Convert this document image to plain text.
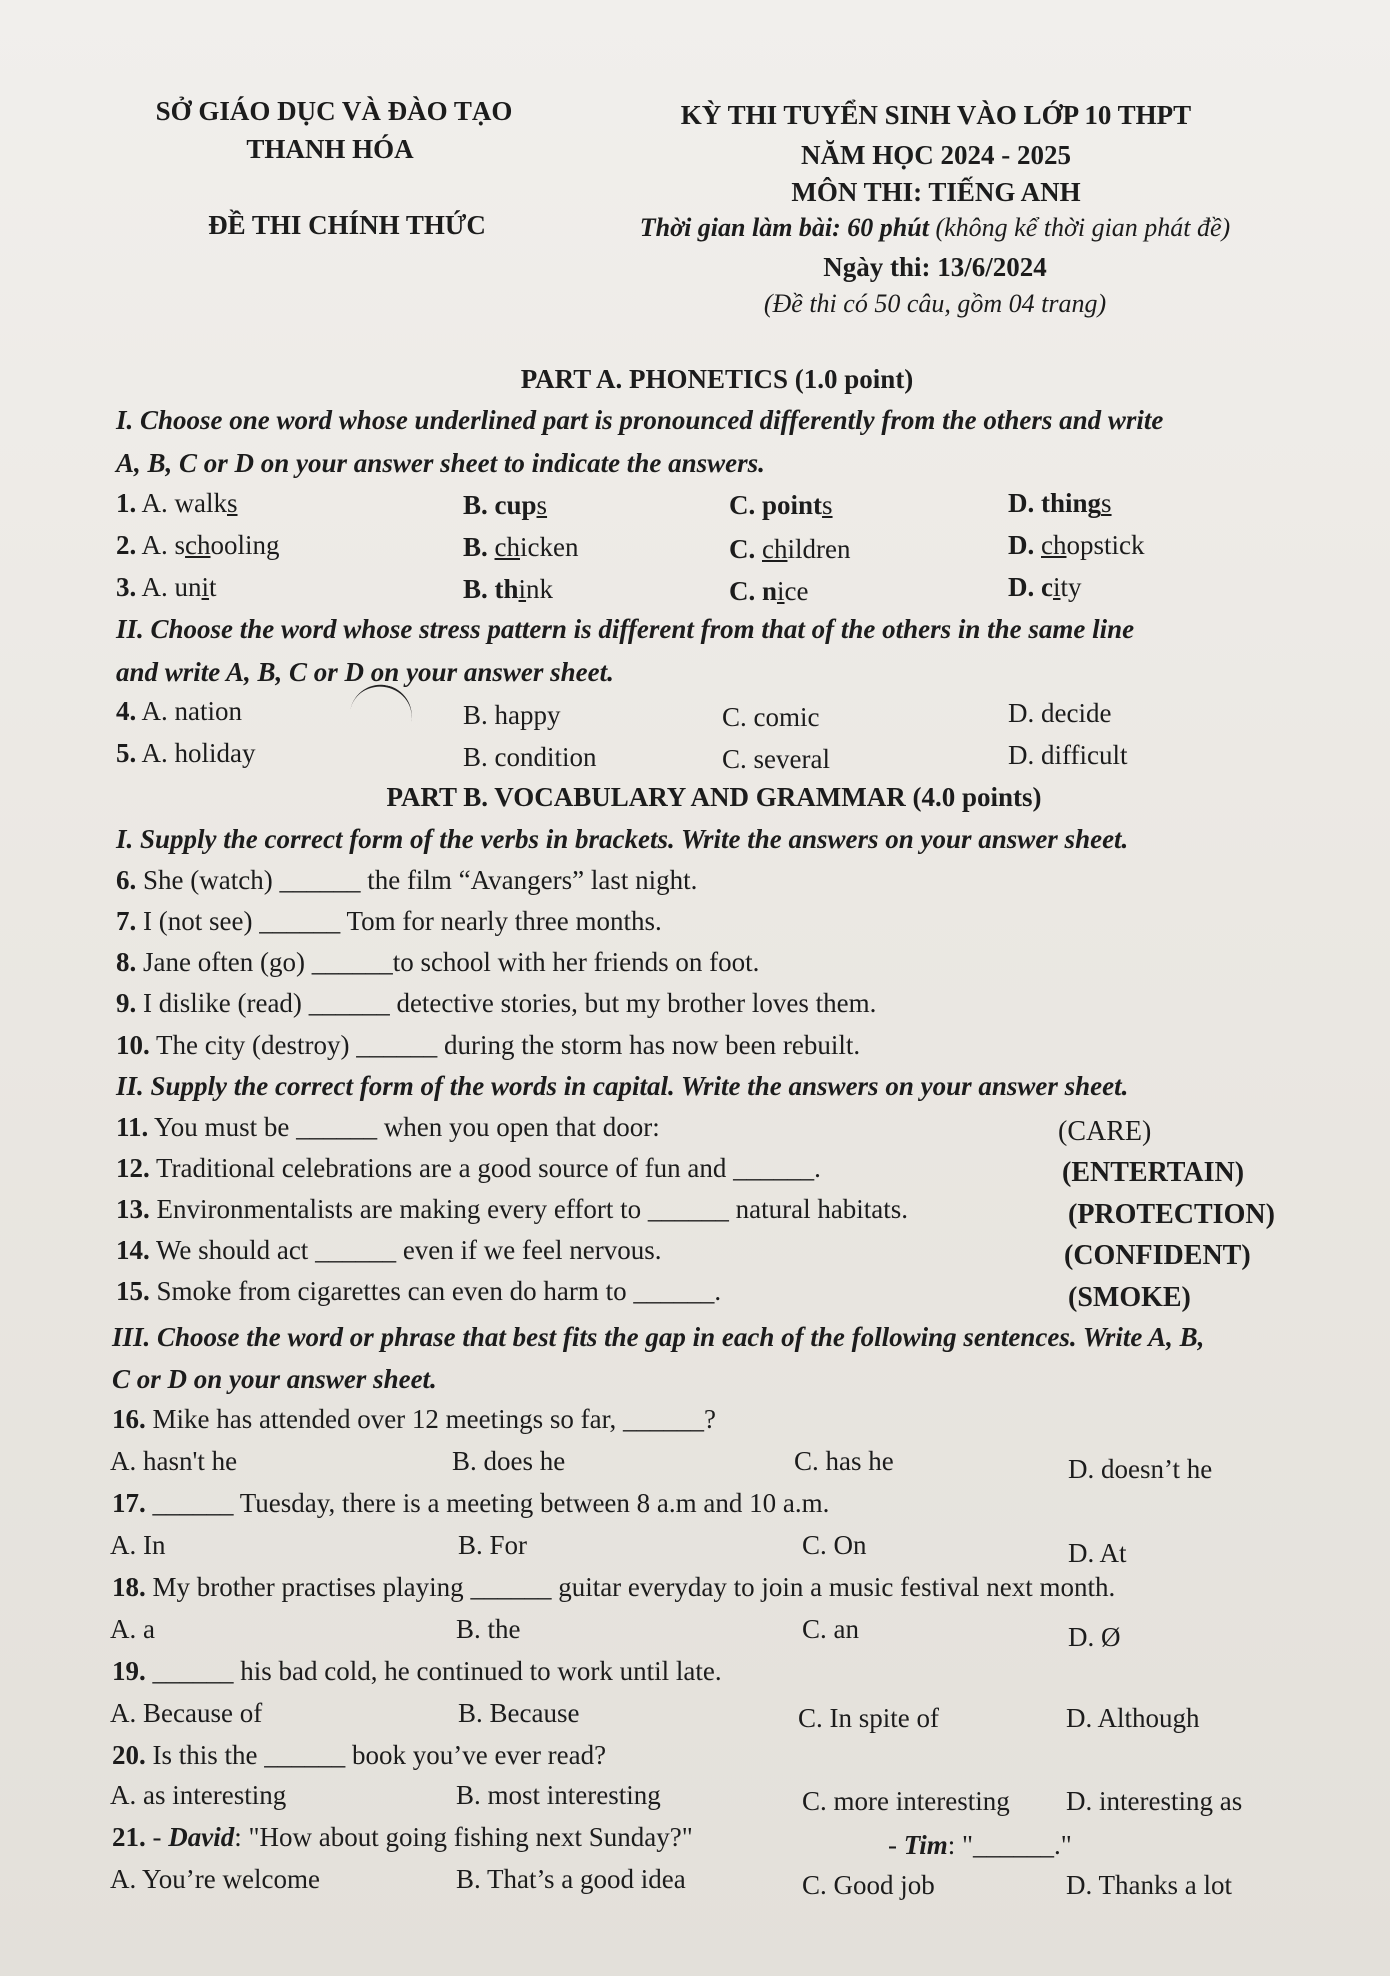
SỞ GIÁO DỤC VÀ ĐÀO TẠO
THANH HÓA
ĐỀ THI CHÍNH THỨC
KỲ THI TUYỂN SINH VÀO LỚP 10 THPT
NĂM HỌC 2024 - 2025
MÔN THI: TIẾNG ANH
Thời gian làm bài: 60 phút (không kể thời gian phát đề)
Ngày thi: 13/6/2024
(Đề thi có 50 câu, gồm 04 trang)
PART A. PHONETICS (1.0 point)
I. Choose one word whose underlined part is pronounced differently from the others and write
A, B, C or D on your answer sheet to indicate the answers.
1. A. walks	B. cups	C. points	D. things
2. A. schooling	B. chicken	C. children	D. chopstick
3. A. unit	B. think	C. nice	D. city
II. Choose the word whose stress pattern is different from that of the others in the same line
and write A, B, C or D on your answer sheet.
4. A. nation	B. happy	C. comic	D. decide
5. A. holiday	B. condition	C. several	D. difficult
PART B. VOCABULARY AND GRAMMAR (4.0 points)
I. Supply the correct form of the verbs in brackets. Write the answers on your answer sheet.
6. She (watch) ______	the film “Avangers” last night.
7. I (not see) ______	Tom for nearly three months.
8. Jane often (go) ______	to school with her friends on foot.
9. I dislike (read) ______	detective stories, but my brother loves them.
10. The city (destroy) ______	during the storm has now been rebuilt.
II. Supply the correct form of the words in capital. Write the answers on your answer sheet.
11. You must be ______	when you open that door:	(CARE)
12. Traditional celebrations are a good source of fun and ______	.	(ENTERTAIN)
13. Environmentalists are making every effort to ______	natural habitats.	(PROTECTION)
14. We should act ______	even if we feel nervous.	(CONFIDENT)
15. Smoke from cigarettes can even do harm to ______	.	(SMOKE)
III. Choose the word or phrase that best fits the gap in each of the following sentences. Write A, B,
C or D on your answer sheet.
16. Mike has attended over 12 meetings so far, ______	?
A. hasn't he	B. does he	C. has he	D. doesn’t he
17. ______	Tuesday, there is a meeting between 8 a.m and 10 a.m.
A. In	B. For	C. On	D. At
18. My brother practises playing ______	guitar everyday to join a music festival next month.
A. a	B. the	C. an	D. Ø
19. ______	his bad cold, he continued to work until late.
A. Because of	B. Because	C. In spite of	D. Although
20. Is this the ______	book you’ve ever read?
A. as interesting	B. most interesting	C. more interesting D. interesting as
21. - David: "How about going fishing next Sunday?"	- Tim: " ______	."
A. You’re welcome	B. That’s a good idea	C. Good job	D. Thanks a lot
